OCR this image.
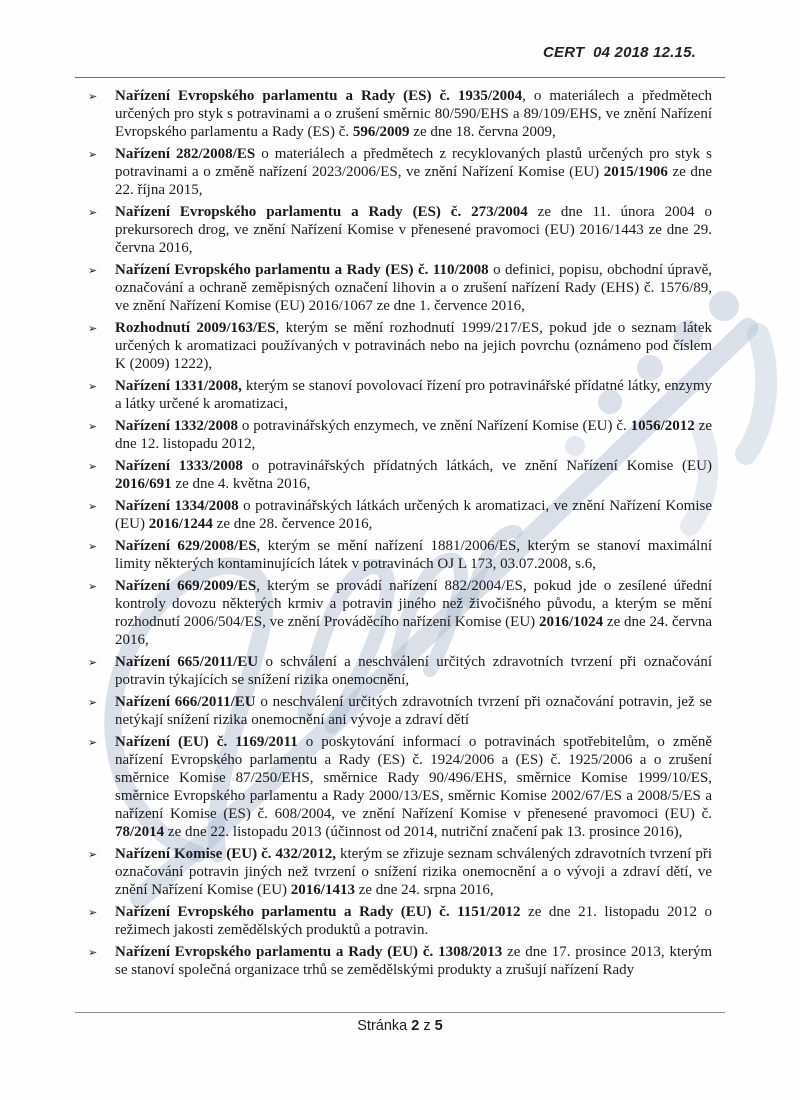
CERT  04 2018 12.15.
➢	Nařízení Evropského parlamentu a Rady (ES) č. 1935/2004, o materiálech a předmětech určených pro styk s potravinami a o zrušení směrnic 80/590/EHS a 89/109/EHS, ve znění Nařízení Evropského parlamentu a Rady (ES) č. 596/2009 ze dne 18. června 2009,
➢	Nařízení 282/2008/ES o materiálech a předmětech z recyklovaných plastů určených pro styk s potravinami a o změně nařízení 2023/2006/ES, ve znění Nařízení Komise (EU) 2015/1906 ze dne 22. října 2015,
➢	Nařízení Evropského parlamentu a Rady (ES) č. 273/2004 ze dne 11. února 2004 o prekursorech drog, ve znění Nařízení Komise v přenesené pravomoci (EU) 2016/1443 ze dne 29. června 2016,
➢	Nařízení Evropského parlamentu a Rady (ES) č. 110/2008 o definici, popisu, obchodní úpravě, označování a ochraně zeměpisných označení lihovin a o zrušení nařízení Rady (EHS) č. 1576/89, ve znění Nařízení Komise (EU) 2016/1067 ze dne 1. července 2016,
➢	Rozhodnutí 2009/163/ES, kterým se mění rozhodnutí 1999/217/ES, pokud jde o seznam látek určených k aromatizaci používaných v potravinách nebo na jejich povrchu (oznámeno pod číslem K (2009) 1222),
➢	Nařízení 1331/2008, kterým se stanoví povolovací řízení pro potravinářské přídatné látky, enzymy a látky určené k aromatizaci,
➢	Nařízení 1332/2008 o potravinářských enzymech, ve znění Nařízení Komise (EU) č. 1056/2012 ze dne 12. listopadu 2012,
➢	Nařízení 1333/2008 o potravinářských přídatných látkách, ve znění Nařízení Komise (EU) 2016/691 ze dne 4. května 2016,
➢	Nařízení 1334/2008 o potravinářských látkách určených k aromatizaci, ve znění Nařízení Komise (EU) 2016/1244 ze dne 28. července 2016,
➢	Nařízení 629/2008/ES, kterým se mění nařízení 1881/2006/ES, kterým se stanoví maximální limity některých kontaminujících látek v potravinách OJ L 173, 03.07.2008, s.6,
➢	Nařízení 669/2009/ES, kterým se provádí nařízení 882/2004/ES, pokud jde o zesílené úřední kontroly dovozu některých krmiv a potravin jiného než živočišného původu, a kterým se mění rozhodnutí 2006/504/ES, ve znění Prováděcího nařízení Komise (EU) 2016/1024 ze dne 24. června 2016,
➢	Nařízení 665/2011/EU o schválení a neschválení určitých zdravotních tvrzení při označování potravin týkajících se snížení rizika onemocnění,
➢	Nařízení 666/2011/EU o neschválení určitých zdravotních tvrzení při označování potravin, jež se netýkají snížení rizika onemocnění ani vývoje a zdraví dětí
➢	Nařízení (EU) č. 1169/2011 o poskytování informací o potravinách spotřebitelům, o změně nařízení Evropského parlamentu a Rady (ES) č. 1924/2006 a (ES) č. 1925/2006 a o zrušení směrnice Komise 87/250/EHS, směrnice Rady 90/496/EHS, směrnice Komise 1999/10/ES, směrnice Evropského parlamentu a Rady 2000/13/ES, směrnic Komise 2002/67/ES a 2008/5/ES a nařízení Komise (ES) č. 608/2004, ve znění Nařízení Komise v přenesené pravomoci (EU) č. 78/2014 ze dne 22. listopadu 2013 (účinnost od 2014, nutriční značení pak 13. prosince 2016),
➢	Nařízení Komise (EU) č. 432/2012, kterým se zřizuje seznam schválených zdravotních tvrzení při označování potravin jiných než tvrzení o snížení rizika onemocnění a o vývoji a zdraví dětí, ve znění Nařízení Komise (EU) 2016/1413 ze dne 24. srpna 2016,
➢	Nařízení Evropského parlamentu a Rady (EU) č. 1151/2012 ze dne 21. listopadu 2012 o režimech jakosti zemědělských produktů a potravin.
➢	Nařízení Evropského parlamentu a Rady (EU) č. 1308/2013 ze dne 17. prosince 2013, kterým se stanoví společná organizace trhů se zemědělskými produkty a zrušují nařízení Rady
Stránka 2 z 5
